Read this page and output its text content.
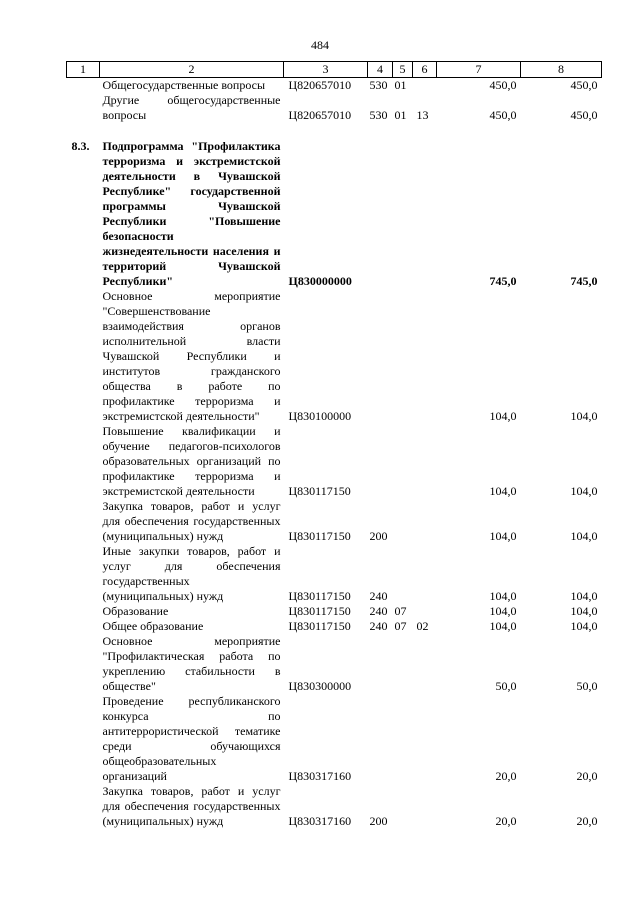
484
1	2	3	4	5	6	7	8
	Общегосударственные вопросы	Ц820657010	530	01		450,0	450,0
	Другие общегосударственные вопросы	Ц820657010	530	01	13	450,0	450,0

8.3.	Подпрограмма "Профилактика терроризма и экстремистской деятельности в Чувашской Республике" государственной программы Чувашской Республики "Повышение безопасности жизнедеятельности населения и территорий Чувашской Республики"	Ц830000000				745,0	745,0
	Основное мероприятие "Совершенствование взаимодействия органов исполнительной власти Чувашской Республики и институтов гражданского общества в работе по профилактике терроризма и экстремистской деятельности"	Ц830100000				104,0	104,0
	Повышение квалификации и обучение педагогов-психологов образовательных организаций по профилактике терроризма и экстремистской деятельности	Ц830117150				104,0	104,0
	Закупка товаров, работ и услуг для обеспечения государственных (муниципальных) нужд	Ц830117150	200			104,0	104,0
	Иные закупки товаров, работ и услуг для обеспечения государственных (муниципальных) нужд	Ц830117150	240			104,0	104,0
	Образование	Ц830117150	240	07		104,0	104,0
	Общее образование	Ц830117150	240	07	02	104,0	104,0
	Основное мероприятие "Профилактическая работа по укреплению стабильности в обществе"	Ц830300000				50,0	50,0
	Проведение республиканского конкурса по антитеррористической тематике среди обучающихся общеобразовательных организаций	Ц830317160				20,0	20,0
	Закупка товаров, работ и услуг для обеспечения государственных (муниципальных) нужд	Ц830317160	200			20,0	20,0
